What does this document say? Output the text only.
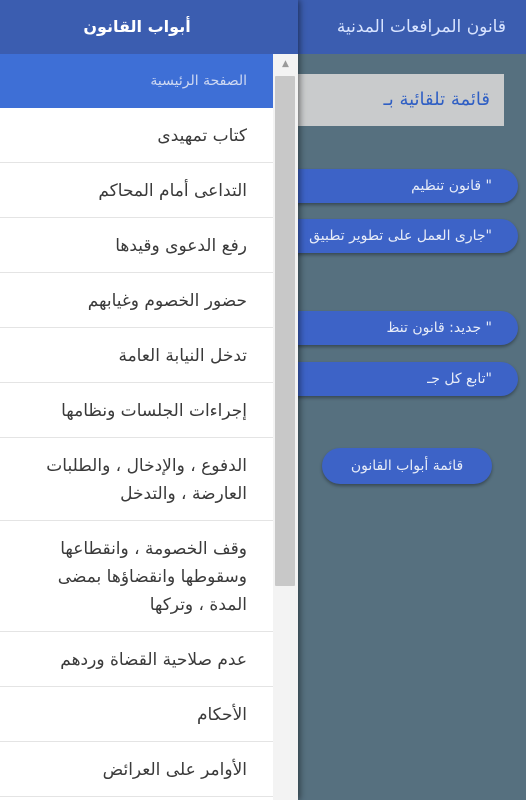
قانون المرافعات المدنية
قائمة تلقائية بـ
" قانون تنظيم
"جارى العمل على تطوير تطبيق
" جديد: قانون تنظ
"تابع كل جـ
قائمة أبواب القانون
أبواب القانون
الصفحة الرئيسية
كتاب تمهيدى
التداعى أمام المحاكم
رفع الدعوى وقيدها
حضور الخصوم وغيابهم
تدخل النيابة العامة
إجراءات الجلسات ونظامها
الدفوع ، والإدخال ، والطلبات العارضة ، والتدخل
وقف الخصومة ، وانقطاعها وسقوطها وانقضاؤها بمضى المدة ، وتركها
عدم صلاحية القضاة وردهم
الأحكام
الأوامر على العرائض
▲
